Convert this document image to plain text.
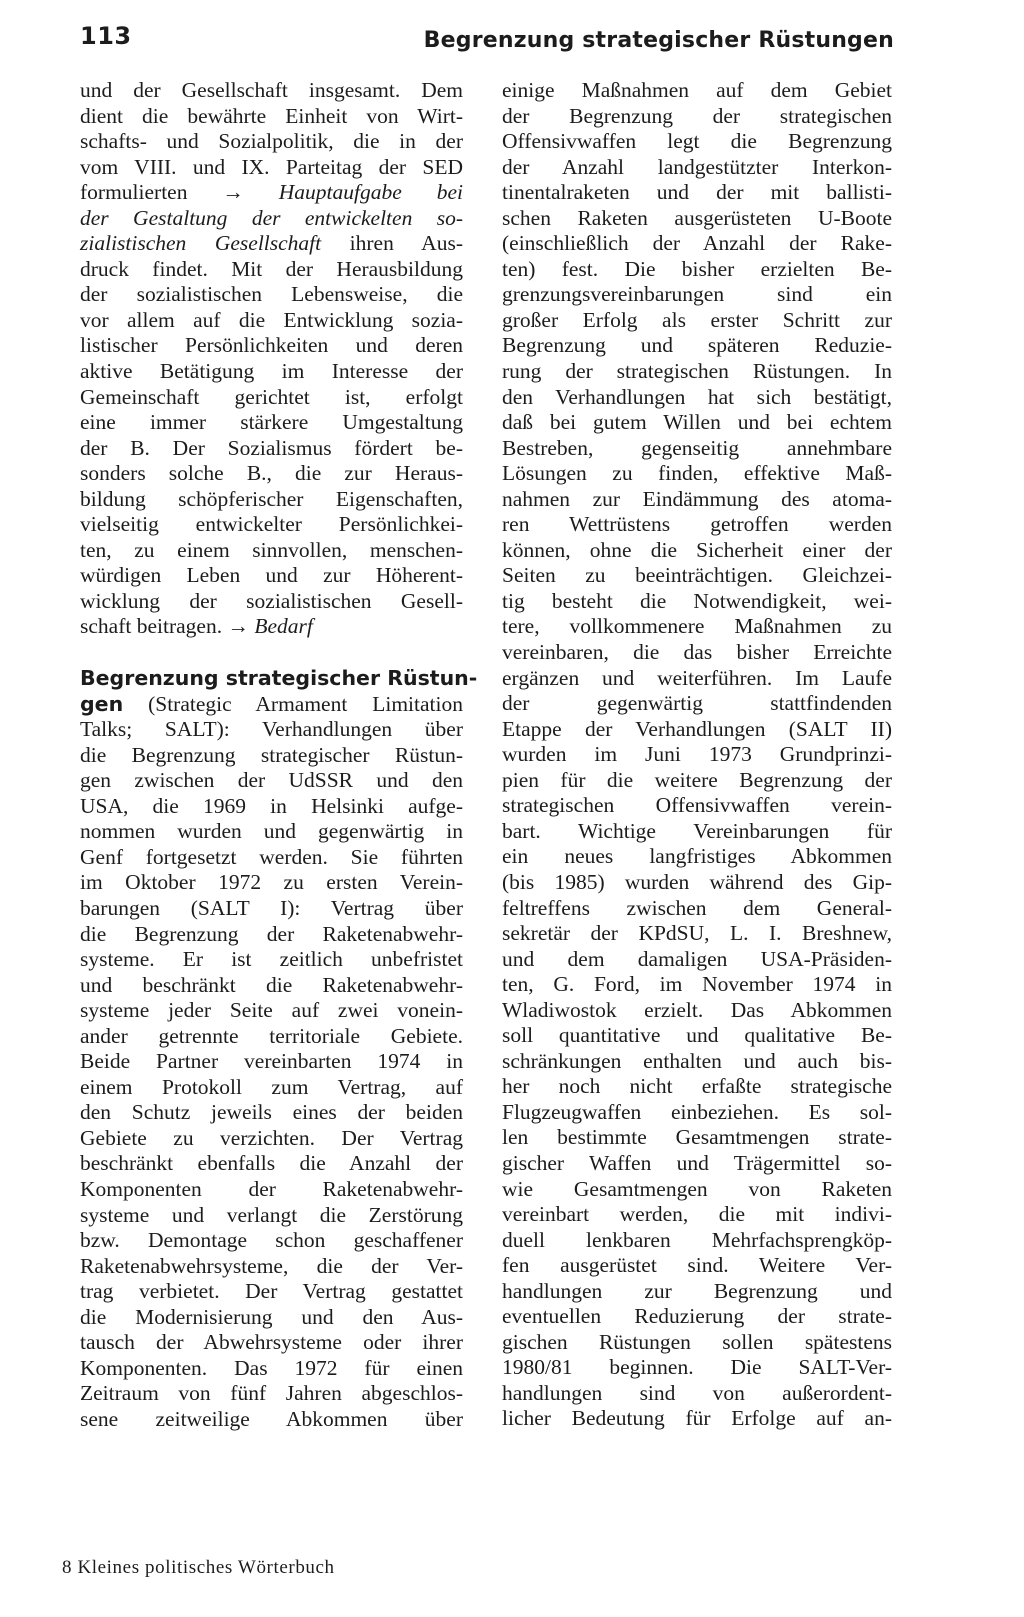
113	Begrenzung strategischer Rüstungen
und der Gesellschaft insgesamt. Dem
dient die bewährte Einheit von Wirt-
schafts- und Sozialpolitik, die in der
vom VIII. und IX. Parteitag der SED
formulierten → Hauptaufgabe bei
der Gestaltung der entwickelten so-
zialistischen Gesellschaft ihren Aus-
druck findet. Mit der Herausbildung
der sozialistischen Lebensweise, die
vor allem auf die Entwicklung sozia-
listischer Persönlichkeiten und deren
aktive Betätigung im Interesse der
Gemeinschaft gerichtet ist, erfolgt
eine immer stärkere Umgestaltung
der B. Der Sozialismus fördert be-
sonders solche B., die zur Heraus-
bildung schöpferischer Eigenschaften,
vielseitig entwickelter Persönlichkei-
ten, zu einem sinnvollen, menschen-
würdigen Leben und zur Höherent-
wicklung der sozialistischen Gesell-
schaft beitragen. → Bedarf
Begrenzung strategischer Rüstun-
gen (Strategic Armament Limitation
Talks; SALT): Verhandlungen über
die Begrenzung strategischer Rüstun-
gen zwischen der UdSSR und den
USA, die 1969 in Helsinki aufge-
nommen wurden und gegenwärtig in
Genf fortgesetzt werden. Sie führten
im Oktober 1972 zu ersten Verein-
barungen (SALT I): Vertrag über
die Begrenzung der Raketenabwehr-
systeme. Er ist zeitlich unbefristet
und beschränkt die Raketenabwehr-
systeme jeder Seite auf zwei vonein-
ander getrennte territoriale Gebiete.
Beide Partner vereinbarten 1974 in
einem Protokoll zum Vertrag, auf
den Schutz jeweils eines der beiden
Gebiete zu verzichten. Der Vertrag
beschränkt ebenfalls die Anzahl der
Komponenten der Raketenabwehr-
systeme und verlangt die Zerstörung
bzw. Demontage schon geschaffener
Raketenabwehrsysteme, die der Ver-
trag verbietet. Der Vertrag gestattet
die Modernisierung und den Aus-
tausch der Abwehrsysteme oder ihrer
Komponenten. Das 1972 für einen
Zeitraum von fünf Jahren abgeschlos-
sene zeitweilige Abkommen über
einige Maßnahmen auf dem Gebiet
der Begrenzung der strategischen
Offensivwaffen legt die Begrenzung
der Anzahl landgestützter Interkon-
tinentalraketen und der mit ballisti-
schen Raketen ausgerüsteten U-Boote
(einschließlich der Anzahl der Rake-
ten) fest. Die bisher erzielten Be-
grenzungsvereinbarungen sind ein
großer Erfolg als erster Schritt zur
Begrenzung und späteren Reduzie-
rung der strategischen Rüstungen. In
den Verhandlungen hat sich bestätigt,
daß bei gutem Willen und bei echtem
Bestreben, gegenseitig annehmbare
Lösungen zu finden, effektive Maß-
nahmen zur Eindämmung des atoma-
ren Wettrüstens getroffen werden
können, ohne die Sicherheit einer der
Seiten zu beeinträchtigen. Gleichzei-
tig besteht die Notwendigkeit, wei-
tere, vollkommenere Maßnahmen zu
vereinbaren, die das bisher Erreichte
ergänzen und weiterführen. Im Laufe
der gegenwärtig stattfindenden
Etappe der Verhandlungen (SALT II)
wurden im Juni 1973 Grundprinzi-
pien für die weitere Begrenzung der
strategischen Offensivwaffen verein-
bart. Wichtige Vereinbarungen für
ein neues langfristiges Abkommen
(bis 1985) wurden während des Gip-
feltreffens zwischen dem General-
sekretär der KPdSU, L. I. Breshnew,
und dem damaligen USA-Präsiden-
ten, G. Ford, im November 1974 in
Wladiwostok erzielt. Das Abkommen
soll quantitative und qualitative Be-
schränkungen enthalten und auch bis-
her noch nicht erfaßte strategische
Flugzeugwaffen einbeziehen. Es sol-
len bestimmte Gesamtmengen strate-
gischer Waffen und Trägermittel so-
wie Gesamtmengen von Raketen
vereinbart werden, die mit indivi-
duell lenkbaren Mehrfachsprengköp-
fen ausgerüstet sind. Weitere Ver-
handlungen zur Begrenzung und
eventuellen Reduzierung der strate-
gischen Rüstungen sollen spätestens
1980/81 beginnen. Die SALT-Ver-
handlungen sind von außerordent-
licher Bedeutung für Erfolge auf an-
8 Kleines politisches Wörterbuch
